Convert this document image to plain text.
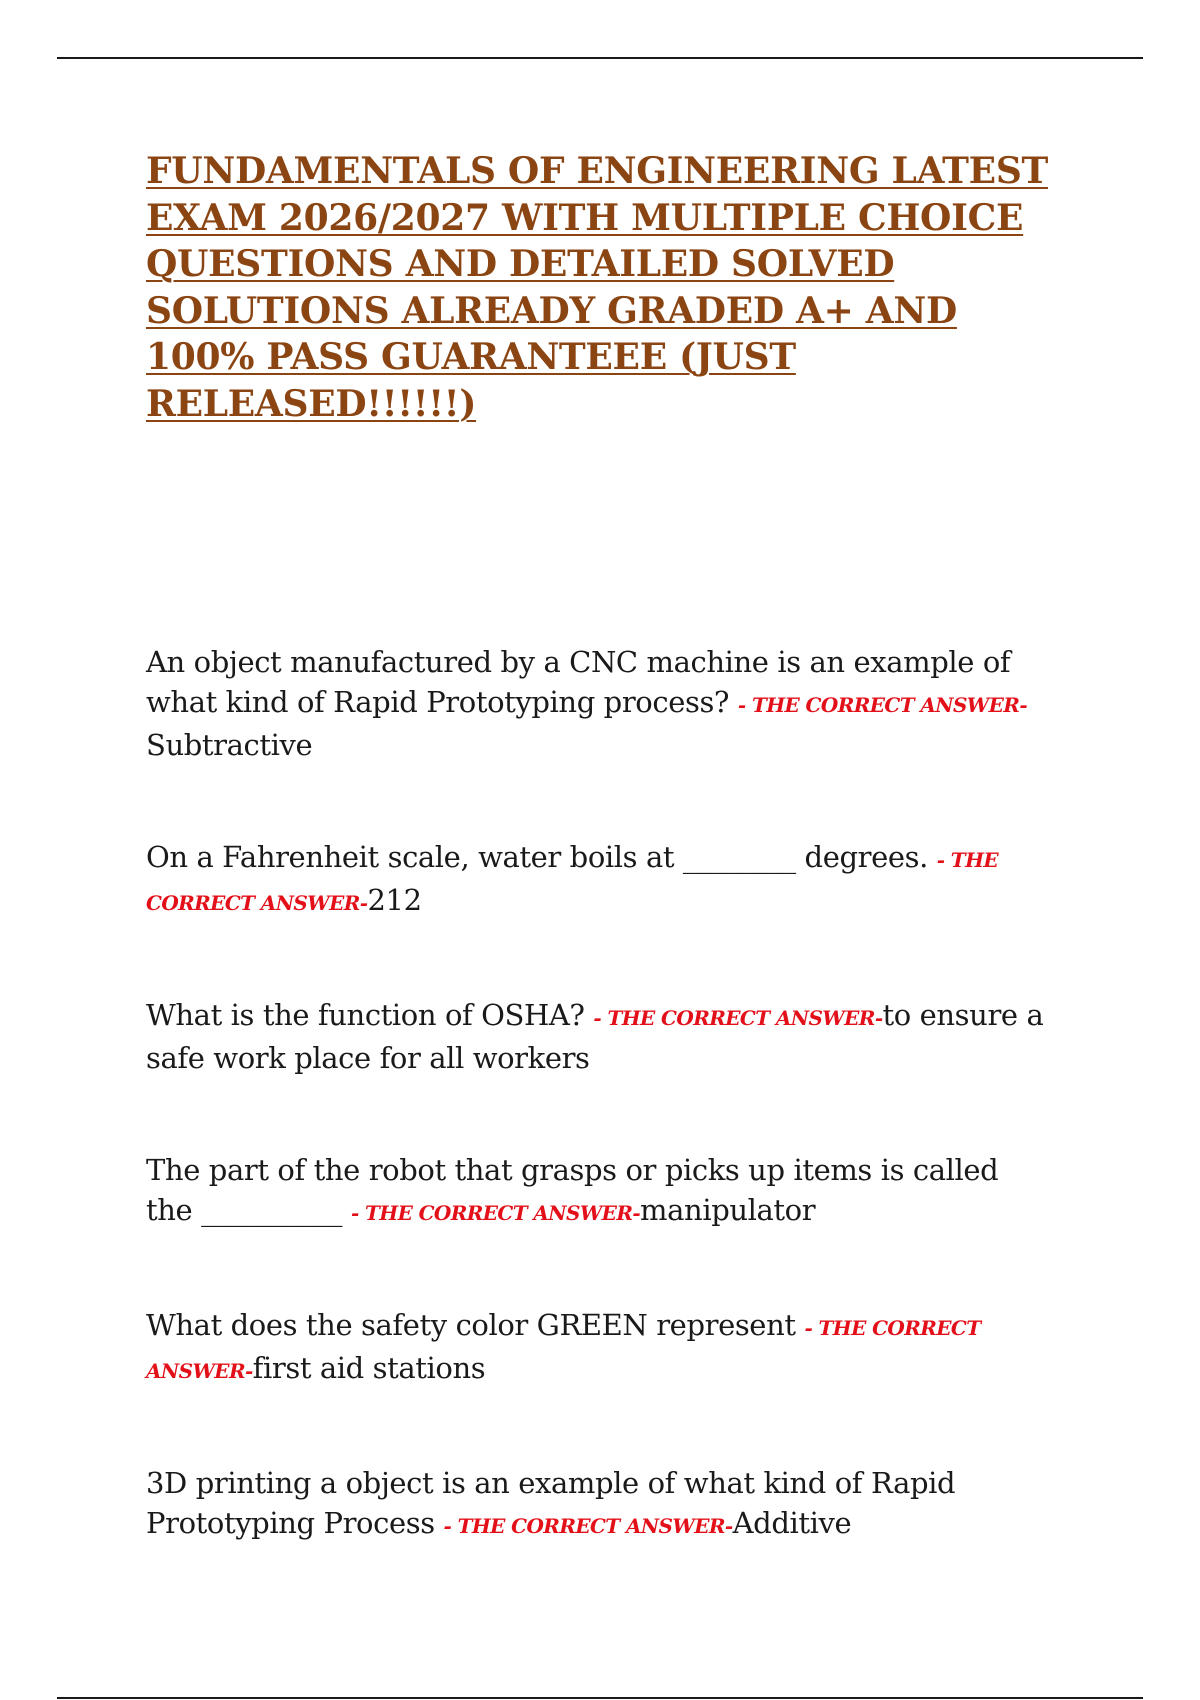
FUNDAMENTALS OF ENGINEERING LATEST EXAM 2026/2027 WITH MULTIPLE CHOICE QUESTIONS AND DETAILED SOLVED SOLUTIONS ALREADY GRADED A+ AND 100% PASS GUARANTEEE (JUST RELEASED!!!!!!)

An object manufactured by a CNC machine is an example of what kind of Rapid Prototyping process? - THE CORRECT ANSWER-Subtractive

On a Fahrenheit scale, water boils at ________ degrees. - THE CORRECT ANSWER-212

What is the function of OSHA? - THE CORRECT ANSWER-to ensure a safe work place for all workers

The part of the robot that grasps or picks up items is called the __________ - THE CORRECT ANSWER-manipulator

What does the safety color GREEN represent - THE CORRECT ANSWER-first aid stations

3D printing a object is an example of what kind of Rapid Prototyping Process - THE CORRECT ANSWER-Additive
